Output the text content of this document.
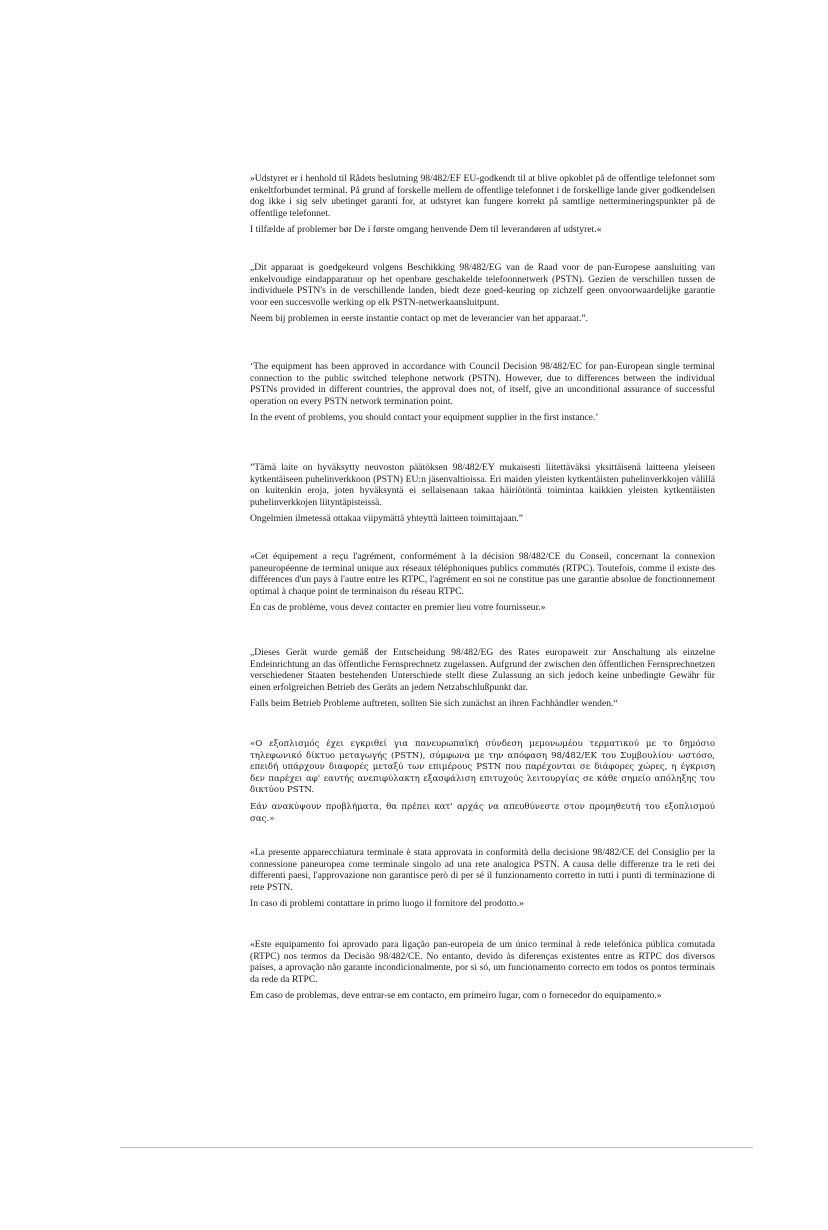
»Udstyret er i henhold til Rådets beslutning 98/482/EF EU-godkendt til at blive opkoblet på de offentlige telefonnet som enkeltforbundet terminal. På grund af forskelle mellem de offentlige telefonnet i de forskellige lande giver godkendelsen dog ikke i sig selv ubetinget garanti for, at udstyret kan fungere korrekt på samtlige nettermineringspunkter på de offentlige telefonnet.

I tilfælde af problemer bør De i første omgang henvende Dem til leverandøren af udstyret.«

„Dit apparaat is goedgekeurd volgens Beschikking 98/482/EG van de Raad voor de pan-Europese aansluiting van enkelvoudige eindapparatuur op het openbare geschakelde telefoonnetwerk (PSTN). Gezien de verschillen tussen de individuele PSTN's in de verschillende landen, biedt deze goed-keuring op zichzelf geen onvoorwaardelijke garantie voor een succesvolle werking op elk PSTN-netwerkaansluitpunt.

Neem bij problemen in eerste instantie contact op met de leverancier van het apparaat.”.

‘The equipment has been approved in accordance with Council Decision 98/482/EC for pan-European single terminal connection to the public switched telephone network (PSTN). However, due to differences between the individual PSTNs provided in different countries, the approval does not, of itself, give an unconditional assurance of successful operation on every PSTN network termination point.

In the event of problems, you should contact your equipment supplier in the first instance.’

”Tämä laite on hyväksytty neuvoston päätöksen 98/482/EY mukaisesti liitettäväksi yksittäisenä laitteena yleiseen kytkentäiseen puhelinverkkoon (PSTN) EU:n jäsenvaltioissa. Eri maiden yleisten kytkentäisten puhelinverkkojen välillä on kuitenkin eroja, joten hyväksyntä ei sellaisenaan takaa häiriötöntä toimintaa kaikkien yleisten kytkentäisten puhelinverkkojen liityntäpisteissä.

Ongelmien ilmetessä ottakaa viipymättä yhteyttä laitteen toimittajaan.”

«Cet équipement a reçu l'agrément, conformément à la décision 98/482/CE du Conseil, concernant la connexion paneuropéenne de terminal unique aux réseaux téléphoniques publics commutés (RTPC). Toutefois, comme il existe des différences d'un pays à l'autre entre les RTPC, l'agrément en soi ne constitue pas une garantie absolue de fonctionnement optimal à chaque point de terminaison du réseau RTPC.

En cas de problème, vous devez contacter en premier lieu votre fournisseur.»

„Dieses Gerät wurde gemäß der Entscheidung 98/482/EG des Rates europaweit zur Anschaltung als einzelne Endeinrichtung an das öffentliche Fernsprechnetz zugelassen. Aufgrund der zwischen den öffentlichen Fernsprechnetzen verschiedener Staaten bestehenden Unterschiede stellt diese Zulassung an sich jedoch keine unbedingte Gewähr für einen erfolgreichen Betrieb des Geräts an jedem Netzabschlußpunkt dar.

Falls beim Betrieb Probleme auftreten, sollten Sie sich zunächst an ihren Fachhändler wenden.“

«Ο εξοπλισμός έχει εγκριθεί για πανευρωπαϊκή σύνδεση μεμονωμέου τερματικού με το δημόσιο τηλεφωνικό δίκτυο μεταγωγής (PSTN), σύμφωνα με την απόφαση 98/482/ΕΚ του Συμβουλίου· ωστόσο, επειδή υπάρχουν διαφορές μεταξύ των επιμέρους PSTN που παρέχονται σε διάφορες χώρες, η έγκριση δεν παρέχει αφ' εαυτής ανεπιφύλακτη εξασφάλιση επιτυχούς λειτουργίας σε κάθε σημείο απόληξης του δικτύου PSTN.

Εάν ανακύψουν προβλήματα, θα πρέπει κατ' αρχάς να απευθύνεστε στον προμηθευτή του εξοπλισμού σας.»

«La presente apparecchiatura terminale è stata approvata in conformità della decisione 98/482/CE del Consiglio per la connessione paneuropea come terminale singolo ad una rete analogica PSTN. A causa delle differenze tra le reti dei differenti paesi, l'approvazione non garantisce però di per sé il funzionamento corretto in tutti i punti di terminazione di rete PSTN.

In caso di problemi contattare in primo luogo il fornitore del prodotto.»

«Este equipamento foi aprovado para ligação pan-europeia de um único terminal à rede telefónica pública comutada (RTPC) nos termos da Decisão 98/482/CE. No entanto, devido às diferenças existentes entre as RTPC dos diversos países, a aprovação não garante incondicionalmente, por si só, um funcionamento correcto em todos os pontos terminais da rede da RTPC.

Em caso de problemas, deve entrar-se em contacto, em primeiro lugar, com o fornecedor do equipamento.»
